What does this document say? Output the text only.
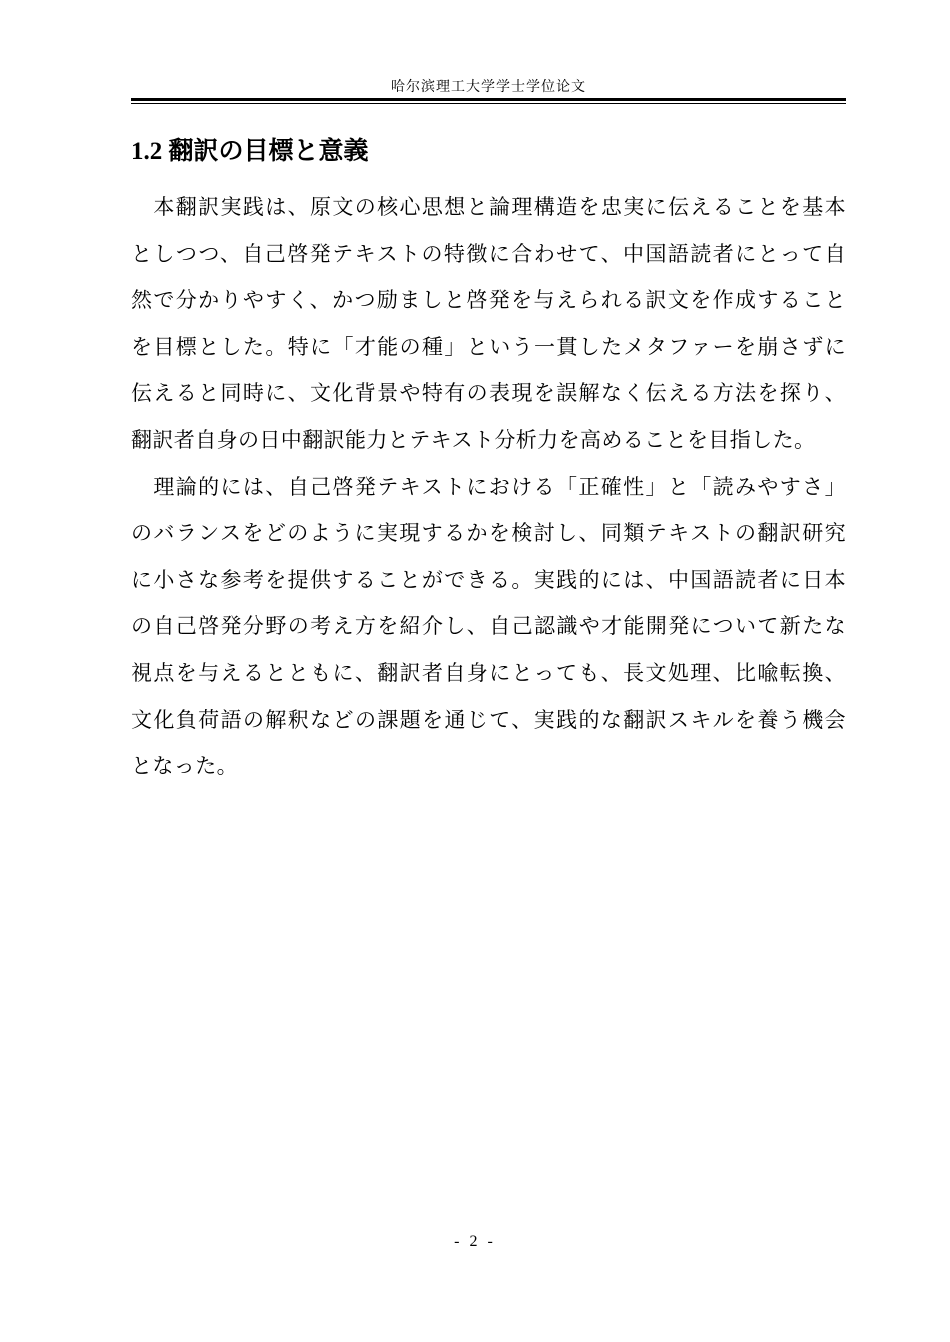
哈尔滨理工大学学士学位论文
1.2 翻訳の目標と意義
　本翻訳実践は、原文の核心思想と論理構造を忠実に伝えることを基本
としつつ、自己啓発テキストの特徴に合わせて、中国語読者にとって自
然で分かりやすく、かつ励ましと啓発を与えられる訳文を作成すること
を目標とした。特に「才能の種」という一貫したメタファーを崩さずに
伝えると同時に、文化背景や特有の表現を誤解なく伝える方法を探り、
翻訳者自身の日中翻訳能力とテキスト分析力を高めることを目指した。
　理論的には、自己啓発テキストにおける「正確性」と「読みやすさ」
のバランスをどのように実現するかを検討し、同類テキストの翻訳研究
に小さな参考を提供することができる。実践的には、中国語読者に日本
の自己啓発分野の考え方を紹介し、自己認識や才能開発について新たな
視点を与えるとともに、翻訳者自身にとっても、長文処理、比喩転換、
文化負荷語の解釈などの課題を通じて、実践的な翻訳スキルを養う機会
となった。
- 2 -
